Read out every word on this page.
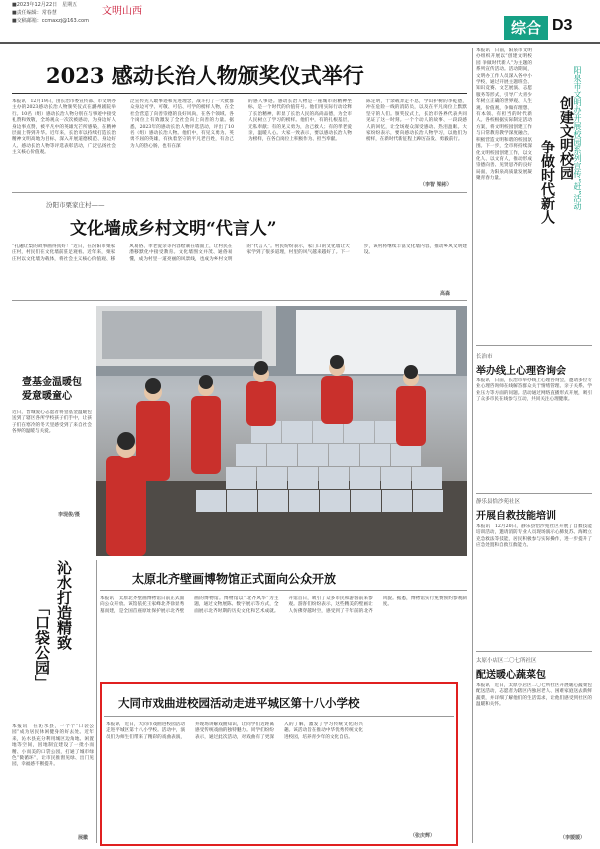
■2023年12月22日　星期五
■责任编辑：常春慧
■交稿邮箱：ccmaxzj@163.com
文明山西
综合 D3
2023 感动长治人物颁奖仪式举行
本报讯　12月19日，由长治市委宣传部、市文明办主办的2023感动长治人物颁奖仪式在潞州剧院举行。10名（组）感动长治人物分别在与事迹中接受礼赞和致敬，全场观众一次次被感动，为身边好人身边事点赞，被平凡中的英雄光芒所感染，在精神层面上得到升华。近年来，长治市以持续打造长治精神文明高地为目标，深入开展道德模范、身边好人、感动长治人物等评选表彰活动，广泛弘扬社会主义核心价值观。
泛宣传先人敢事迹和先进理念，战斗打了一大批群众身边可学、可敬、可信、可学的榜样人物，在全社会营造了向善崇德的良好风尚，在各个领域、各个岗位上有效激发了全社会向上向善的力量。据悉，2023年的感动长治人物评选活动，评出了10名（组）感动长治人物。他们中，有见义勇为、英勇不屈的英雄，有执着坚守的平凡老百姓，有舍己为人的热心肠，也有在深
的感人事迹。感动长治人物是一座城市的精神坐标，是一个时代的价值符号。他们用实际行动诠释了长治精神，彰显了长治人民的高尚品德，为全市人民树立了学习的榜样。他们中，有的扎根基层，无私奉献；有的见义勇为，舍己救人；有的孝老爱亲，温暖人心。大家一致表示，要以感动长治人物为榜样，在各自岗位上积极作为、担当奉献。
陈定明，十余载奔走不息，学山护树的李乾德，冲在危险一线的消防员，以及在平凡岗位上默默坚守的人们。颁奖仪式上，长治市各界代表共同见证了这一时刻。一个个动人的故事、一段段感人的回忆，让全场观众深受感动、热泪盈眶。大家纷纷表示，要向感动长治人物学习，以他们为榜样，在新时代新征程上踔厉奋发、勇毅前行。
（李智 梁彬）
本报讯　日前，阳泉市文明办组织开展以“创建文明校园 争做时代新人”为主题的系列宣传活动。活动期间，文明办工作人员深入各中小学校，通过开展主题班会、知识竞赛、文艺展演、志愿服务等形式，引导广大青少年树立正确的世界观、人生观、价值观，争做有理想、有本领、有担当的时代新人。各校根据实际制定活动方案，将文明校园创建工作与日常教育教学深度融合，积极营造文明和谐的校园氛围。下一步，全市将持续深化文明校园创建工作，以文化人、以文育人，推动形成崇德向善、见贤思齐的良好局面，为阳泉高质量发展凝聚青春力量。	阳泉市文明办开展校园系列宣传“赶”活动
创建文明校园
争做时代新人
长治市
举办线上心理咨询会
本报讯　日前，长治市举办线上心理咨询会，邀请多位专业心理咨询师在线解答群众关于情绪管理、亲子关系、学业压力等方面的问题。活动通过网络直播形式开展，吸引了众多市民在线参与互动，共同关注心理健康。
静乐县恰沙苑社区
开展自救技能培训
本报讯　12月20日，静乐县恰沙苑社区开展了自救技能培训活动，邀请消防专业人员现场演示心肺复苏、海姆立克急救法等技能，居民积极参与实际操作，进一步提升了应急处置和自救互救能力。
太原小店区二〇七所社区
配送暖心蔬菜包
本报讯　近日，太原小店区二〇七所社区开展暖心蔬菜包配送活动，志愿者为辖区内独居老人、困难家庭送去新鲜蔬菜，并详细了解他们的生活需求，让他们感受到社区的温暖和关怀。
（李媛媛）
汾阳市栗家庄村——
文化墙成乡村文明“代言人”
“孔融让梨的故事画得真好！”近日，在汾阳市栗家庄村，村民们在文化墙前驻足观看。近年来，栗家庄村以文化墙为载体，将社会主义核心价值观、移风易俗、孝老爱亲等内容绘制在墙面上，让村民在潜移默化中接受教育。文化墙图文并茂、通俗易懂，成为村里一道亮丽的风景线，也成为乡村文明的“代言人”。村民纷纷表示，家门口的文化墙让大家学到了很多道理，村里的风气越来越好了。下一步，该村将继续丰富文化墙内容，推动乡风文明建设。
高森
壹基金温暖包
爱意暖童心
近日，晋城爱心志愿者将壹基金温暖包送到了辖区各所学校孩子们手中，让孩子们在寒冷的冬天里感受到了来自社会各界的温暖与关爱。
李现俊/摄
沁水打造精致
「口袋公园」
本报讯　在沁水县，一个个“口袋公园”成为居民休闲健身的好去处。近年来，沁水县充分利用城区边角地、闲置地等空间，因地制宜建设了一批小而精、小而美的口袋公园，打通了城市绿色“微循环”，让市民推窗见绿、出门见园，幸福感不断提升。
展徽
太原北齐壁画博物馆正式面向公众开放
本报讯　太原北齐壁画博物馆日前正式面向公众开放。该馆依托王家峰北齐徐显秀墓而建，是全国首座原址保护展示北齐壁画的博物馆。博物馆以“北齐风华”为主题，通过文物展陈、数字展示等方式，全面展示北齐时期的历史文化和艺术成就。开馆首日，吸引了众多市民和游客前来参观。游客们纷纷表示，这些精美的壁画让人仿佛穿越时空，感受到了千年前的北齐风貌。据悉，博物馆实行免费预约参观制度。
大同市戏曲进校园活动走进平城区第十八小学校
本报讯　近日，大同市戏曲进校园活动走进平城区第十八小学校。活动中，演员们为师生们带来了精彩的戏曲表演，并现场讲解戏曲知识，让同学们近距离感受传统戏曲的独特魅力。同学们纷纷表示，通过此次活动，对戏曲有了更深入的了解，激发了学习传统文化的兴趣。该活动旨在推动中华优秀传统文化进校园，培养青少年的文化自信。
（张庆辉）
